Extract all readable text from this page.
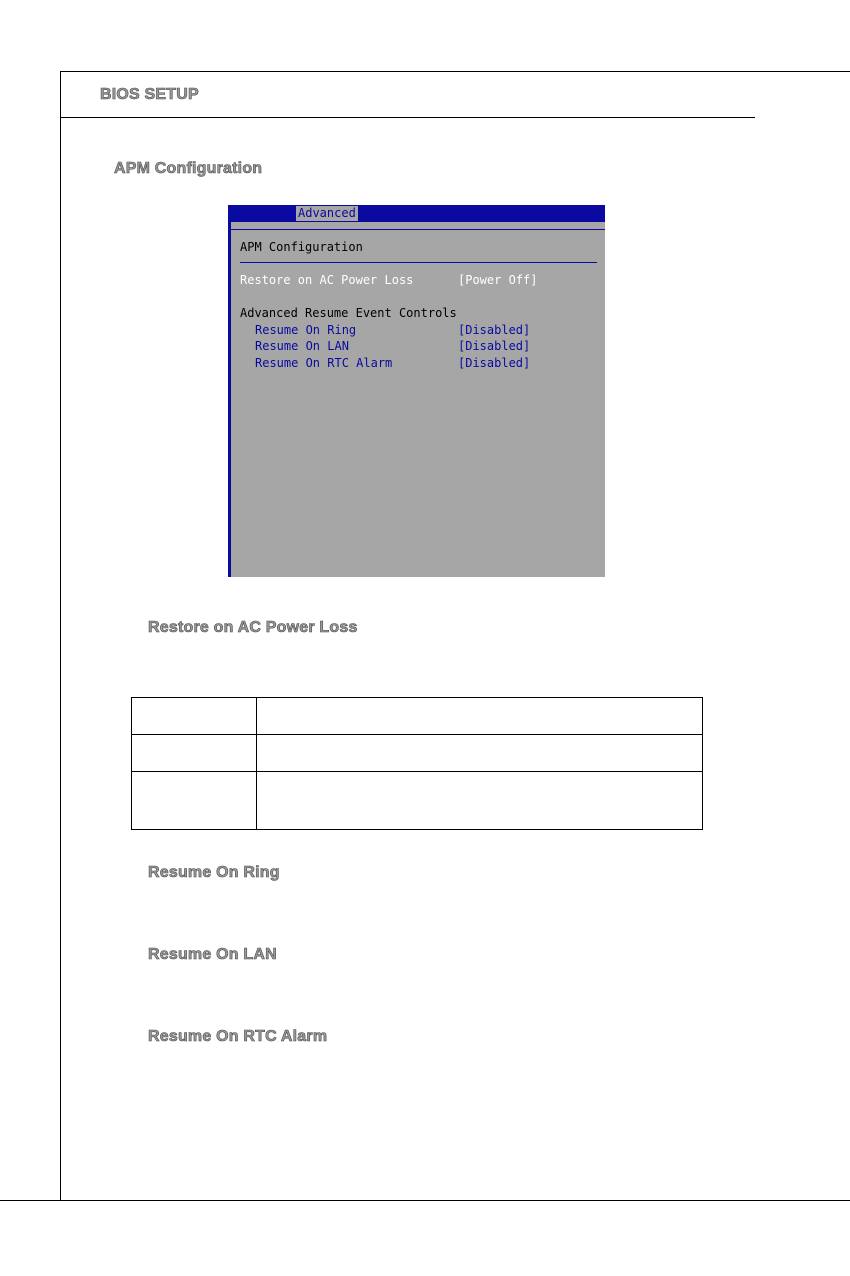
BIOS SETUP
APM Configuration
Advanced
APM Configuration
Restore on AC Power Loss	[Power Off]
Advanced Resume Event Controls
Resume On Ring	[Disabled]
Resume On LAN	[Disabled]
Resume On RTC Alarm	[Disabled]
Restore on AC Power Loss

Resume On Ring
Resume On LAN
Resume On RTC Alarm
